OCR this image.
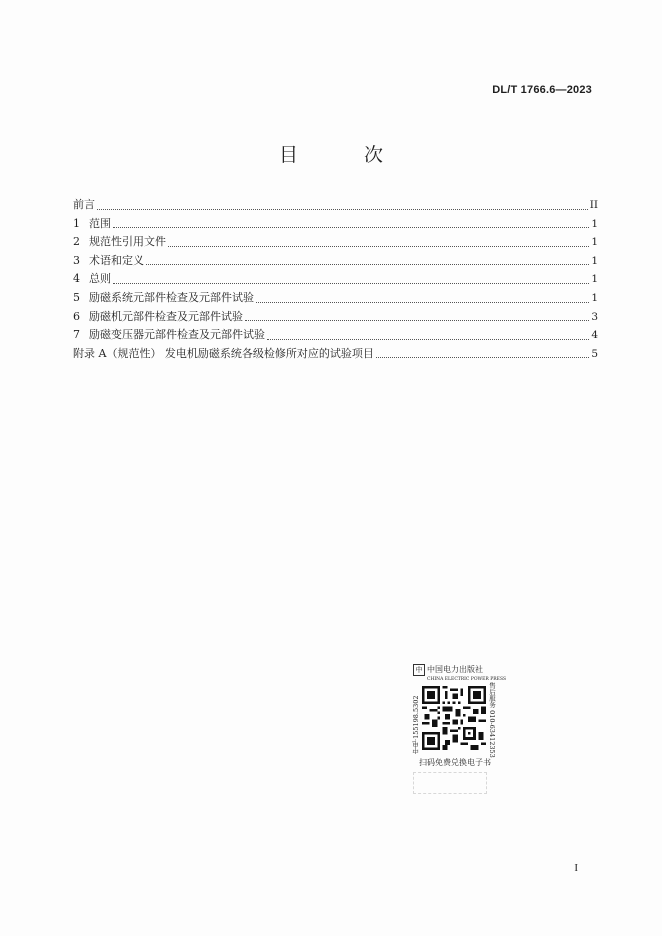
DL/T 1766.6—2023
目 次
前言	II
1 范围	1
2 规范性引用文件	1
3 术语和定义	1
4 总则	1
5 励磁系统元部件检查及元部件试验	1
6 励磁机元部件检查及元部件试验	3
7 励磁变压器元部件检查及元部件试验	4
附录 A（规范性） 发电机励磁系统各级检修所对应的试验项目	5
中 中国电力出版社
CHINA ELECTRIC POWER PRESS
中电·155198.5302	售后服务 010-63412353
扫码免费兑换电子书
I
